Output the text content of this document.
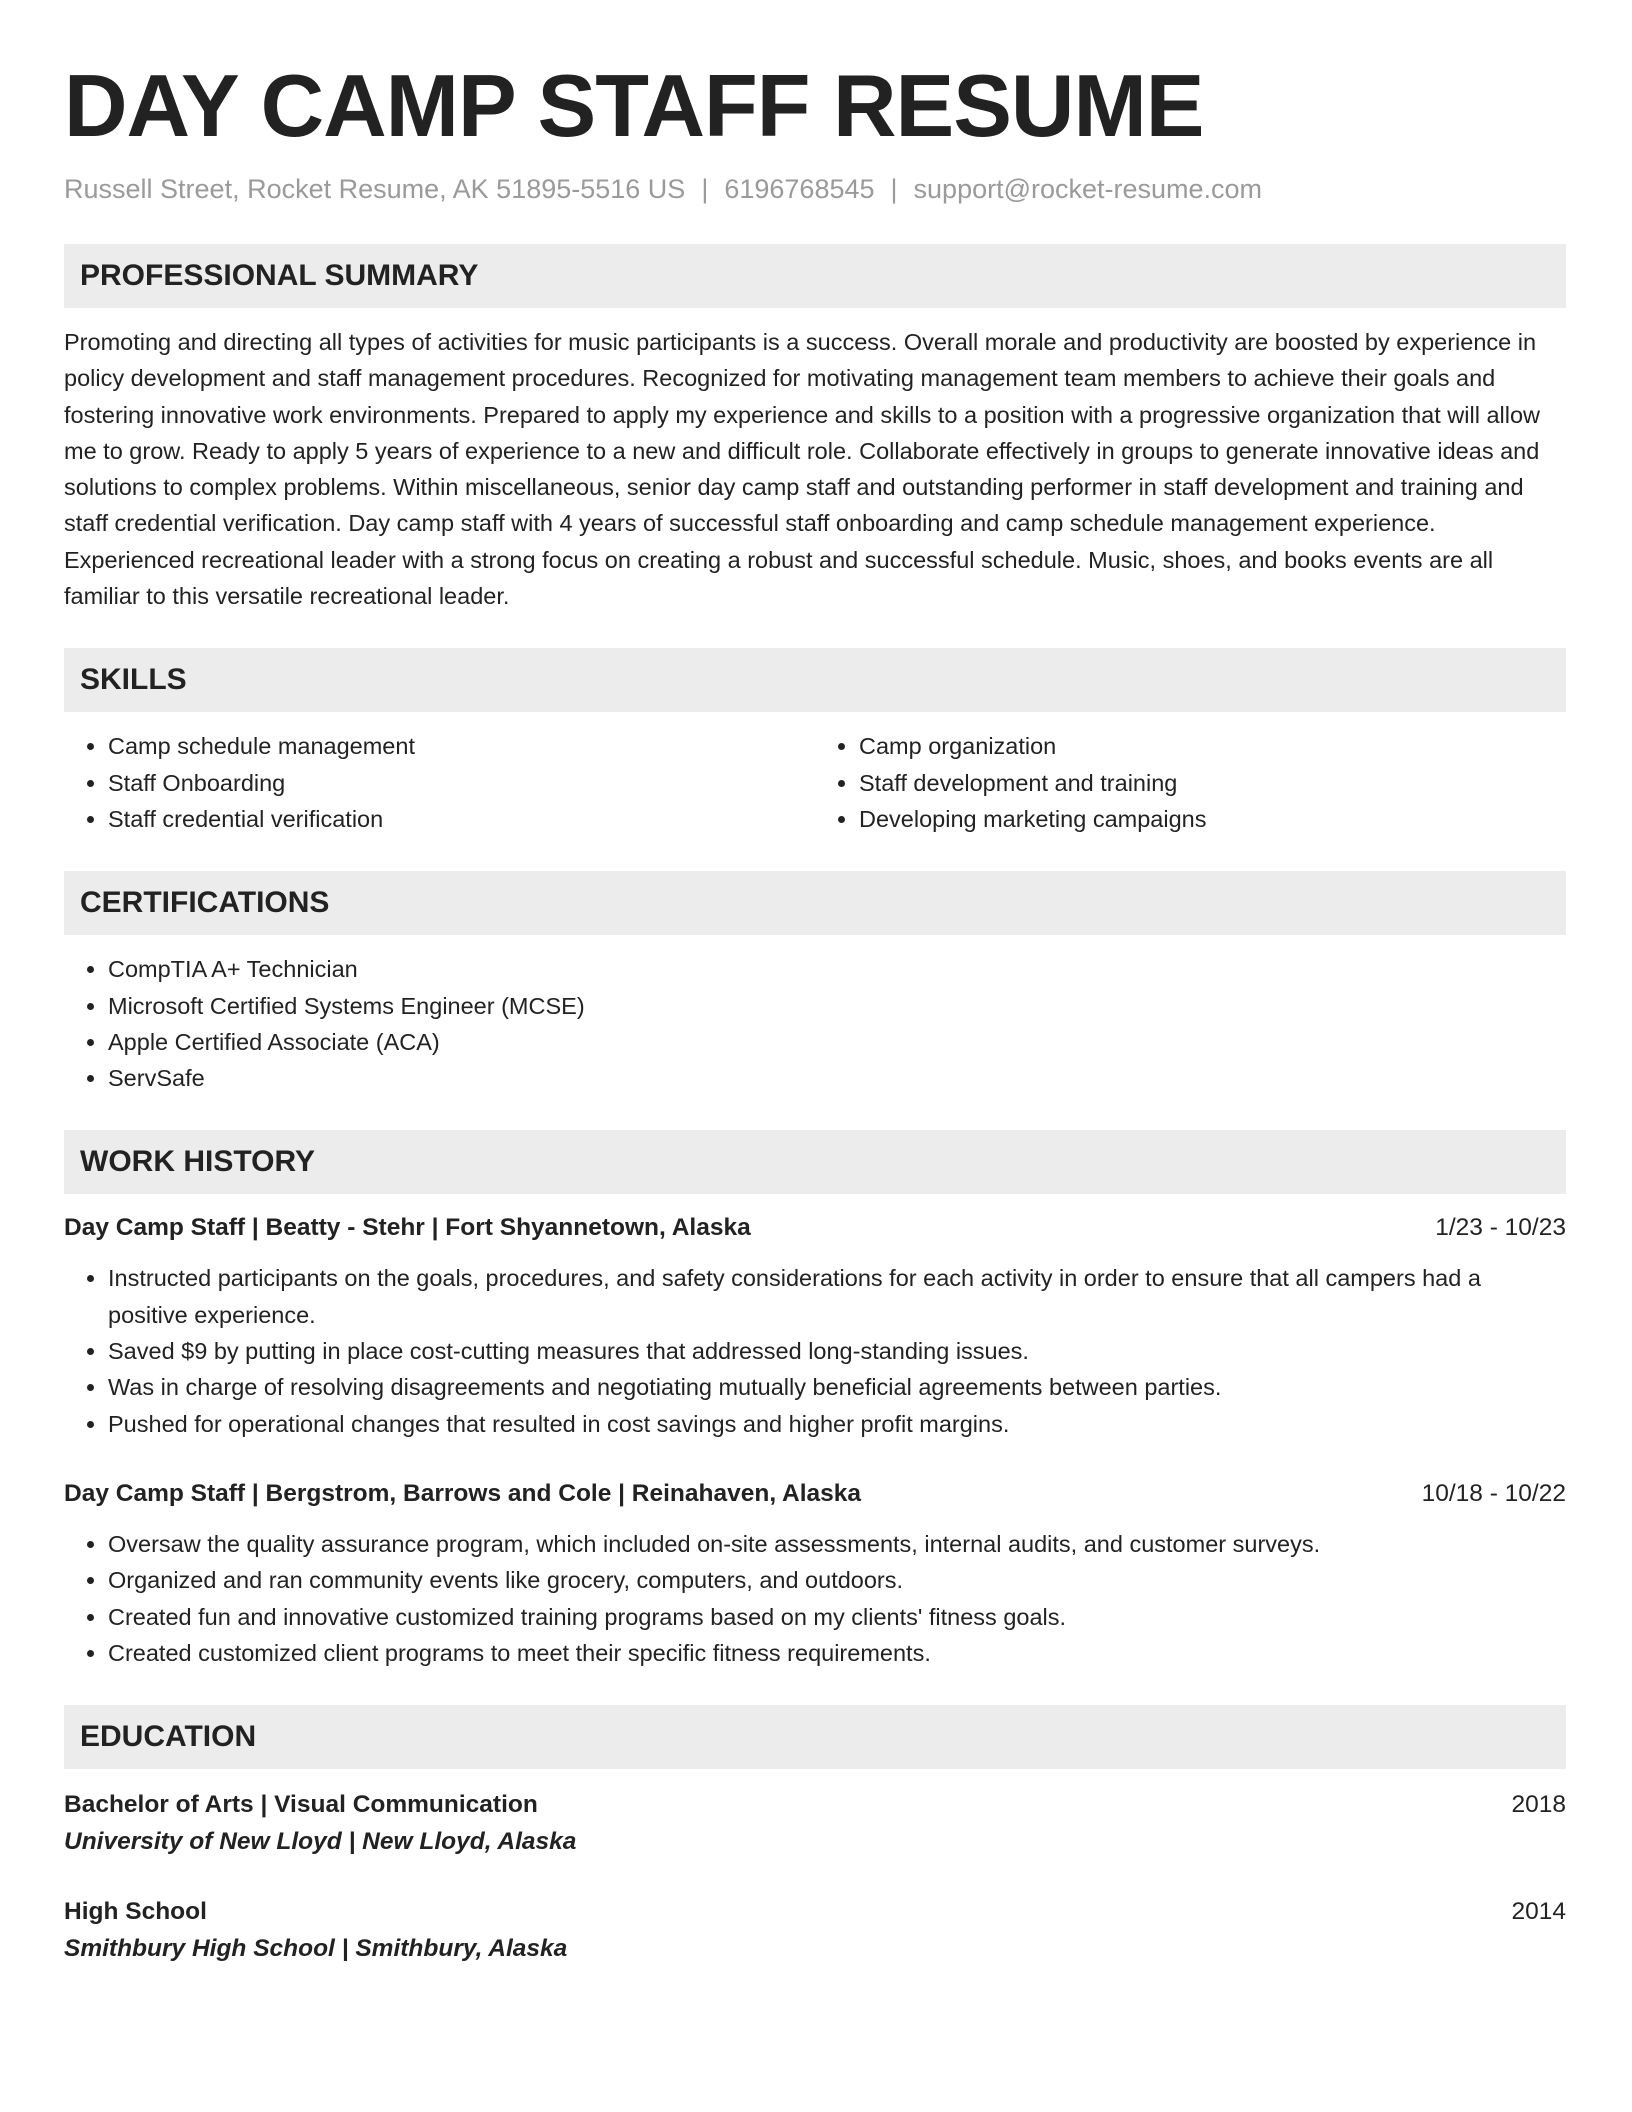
DAY CAMP STAFF RESUME
Russell Street, Rocket Resume, AK 51895-5516 US | 6196768545 | support@rocket-resume.com
PROFESSIONAL SUMMARY

Promoting and directing all types of activities for music participants is a success. Overall morale and productivity are boosted by experience in policy development and staff management procedures. Recognized for motivating management team members to achieve their goals and fostering innovative work environments. Prepared to apply my experience and skills to a position with a progressive organization that will allow me to grow. Ready to apply 5 years of experience to a new and difficult role. Collaborate effectively in groups to generate innovative ideas and solutions to complex problems. Within miscellaneous, senior day camp staff and outstanding performer in staff development and training and staff credential verification. Day camp staff with 4 years of successful staff onboarding and camp schedule management experience. Experienced recreational leader with a strong focus on creating a robust and successful schedule. Music, shoes, and books events are all familiar to this versatile recreational leader.

SKILLS
• Camp schedule management
• Staff Onboarding
• Staff credential verification
• Camp organization
• Staff development and training
• Developing marketing campaigns
CERTIFICATIONS
• CompTIA A+ Technician
• Microsoft Certified Systems Engineer (MCSE)
• Apple Certified Associate (ACA)
• ServSafe
WORK HISTORY
Day Camp Staff | Beatty - Stehr | Fort Shyannetown, Alaska	1/23 - 10/23
• Instructed participants on the goals, procedures, and safety considerations for each activity in order to ensure that all campers had a positive experience.
• Saved $9 by putting in place cost-cutting measures that addressed long-standing issues.
• Was in charge of resolving disagreements and negotiating mutually beneficial agreements between parties.
• Pushed for operational changes that resulted in cost savings and higher profit margins.
Day Camp Staff | Bergstrom, Barrows and Cole | Reinahaven, Alaska	10/18 - 10/22
• Oversaw the quality assurance program, which included on-site assessments, internal audits, and customer surveys.
• Organized and ran community events like grocery, computers, and outdoors.
• Created fun and innovative customized training programs based on my clients' fitness goals.
• Created customized client programs to meet their specific fitness requirements.
EDUCATION
Bachelor of Arts | Visual Communication	2018
University of New Lloyd | New Lloyd, Alaska
High School	2014
Smithbury High School | Smithbury, Alaska
